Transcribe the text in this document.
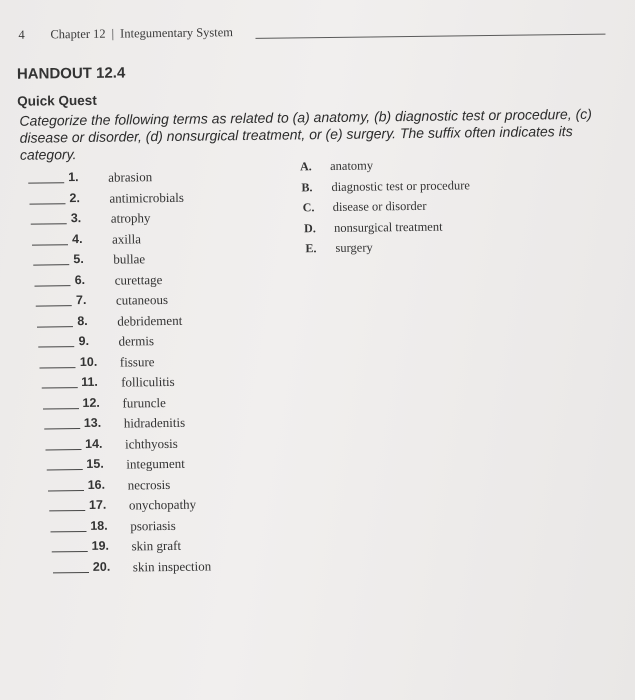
4 Chapter 12 | Integumentary System
HANDOUT 12.4
Quick Quest
Categorize the following terms as related to (a) anatomy, (b) diagnostic test or procedure, (c) disease or disorder, (d) nonsurgical treatment, or (e) surgery. The suffix often indicates its category.
1.	abrasion
2.	antimicrobials
3.	atrophy
4.	axilla
5.	bullae
6.	curettage
7.	cutaneous
8.	debridement
9.	dermis
10.	fissure
11.	folliculitis
12.	furuncle
13.	hidradenitis
14.	ichthyosis
15.	integument
16.	necrosis
17.	onychopathy
18.	psoriasis
19.	skin graft
20.	skin inspection
A. anatomy
B. diagnostic test or procedure
C. disease or disorder
D. nonsurgical treatment
E. surgery
